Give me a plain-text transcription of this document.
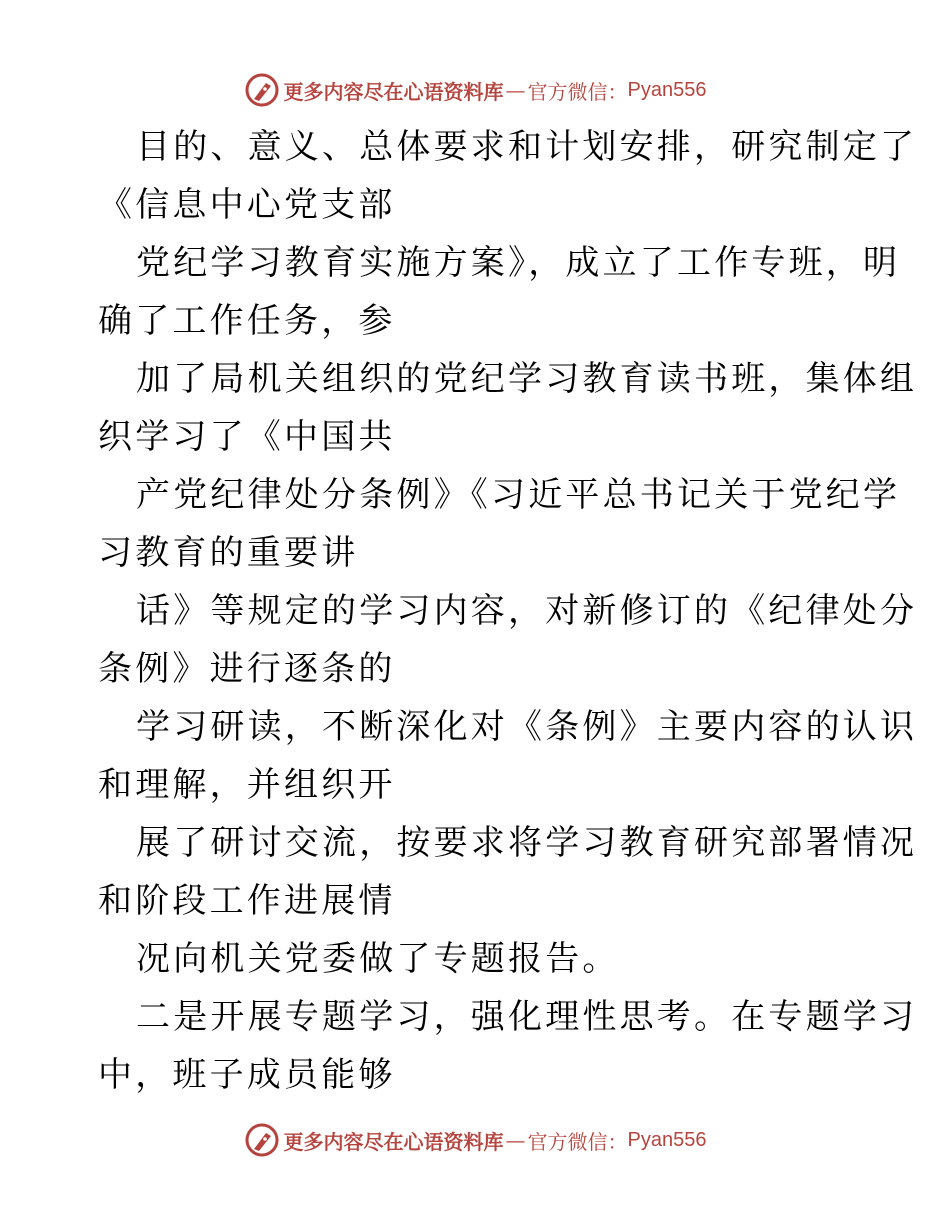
更多内容尽在心语资料库 — 官方微信： Pyan556
目的、意义、总体要求和计划安排，研究制定了
《信息中心党支部
党纪学习教育实施方案》，成立了工作专班，明
确了工作任务，参
加了局机关组织的党纪学习教育读书班，集体组
织学习了《中国共
产党纪律处分条例》《习近平总书记关于党纪学
习教育的重要讲
话》等规定的学习内容，对新修订的《纪律处分
条例》进行逐条的
学习研读，不断深化对《条例》主要内容的认识
和理解，并组织开
展了研讨交流，按要求将学习教育研究部署情况
和阶段工作进展情
况向机关党委做了专题报告。
二是开展专题学习，强化理性思考。在专题学习
中，班子成员能够
更多内容尽在心语资料库 — 官方微信： Pyan556
